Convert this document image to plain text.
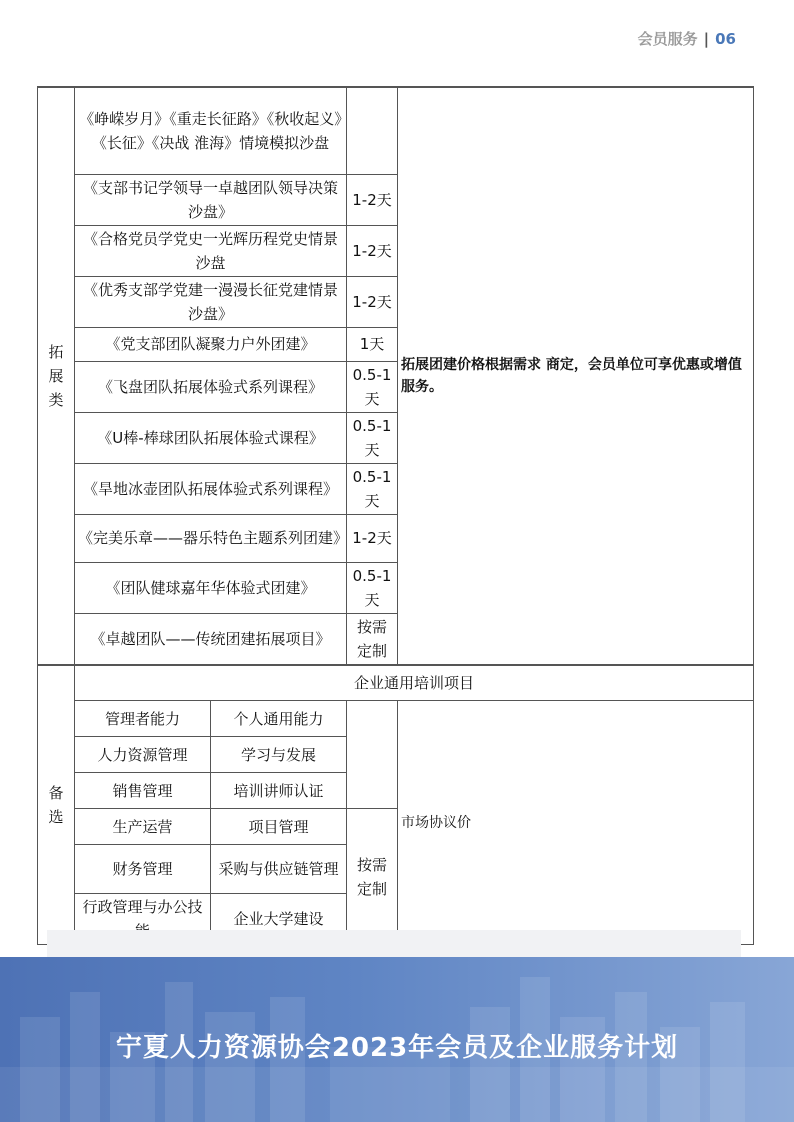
会员服务 | 06
拓展类	《峥嵘岁月》《重走长征路》《秋收起义》《长征》《决战 淮海》情境模拟沙盘			拓展团建价格根据需求 商定，会员单位可享优惠或增值服务。
	《支部书记学领导一卓越团队领导决策沙盘》		1-2天	
	《合格党员学党史一光辉历程党史情景沙盘		1-2天	
	《优秀支部学党建一漫漫长征党建情景沙盘》		1-2天	
	《党支部团队凝聚力户外团建》		1天	
	《飞盘团队拓展体验式系列课程》		0.5-1天	
	《U棒-棒球团队拓展体验式课程》		0.5-1天	
	《旱地冰壶团队拓展体验式系列课程》		0.5-1天	
	《完美乐章——器乐特色主题系列团建》		1-2天	
	《团队健球嘉年华体验式团建》		0.5-1天	
	《卓越团队——传统团建拓展项目》		按需定制	
备选	企业通用培训项目			
	管理者能力	个人通用能力		市场协议价
	人力资源管理	学习与发展		
	销售管理	培训讲师认证		
	生产运营	项目管理	按需定制	
	财务管理	采购与供应链管理		
	行政管理与办公技	企业大学建设		
宁夏人力资源协会2023年会员及企业服务计划
